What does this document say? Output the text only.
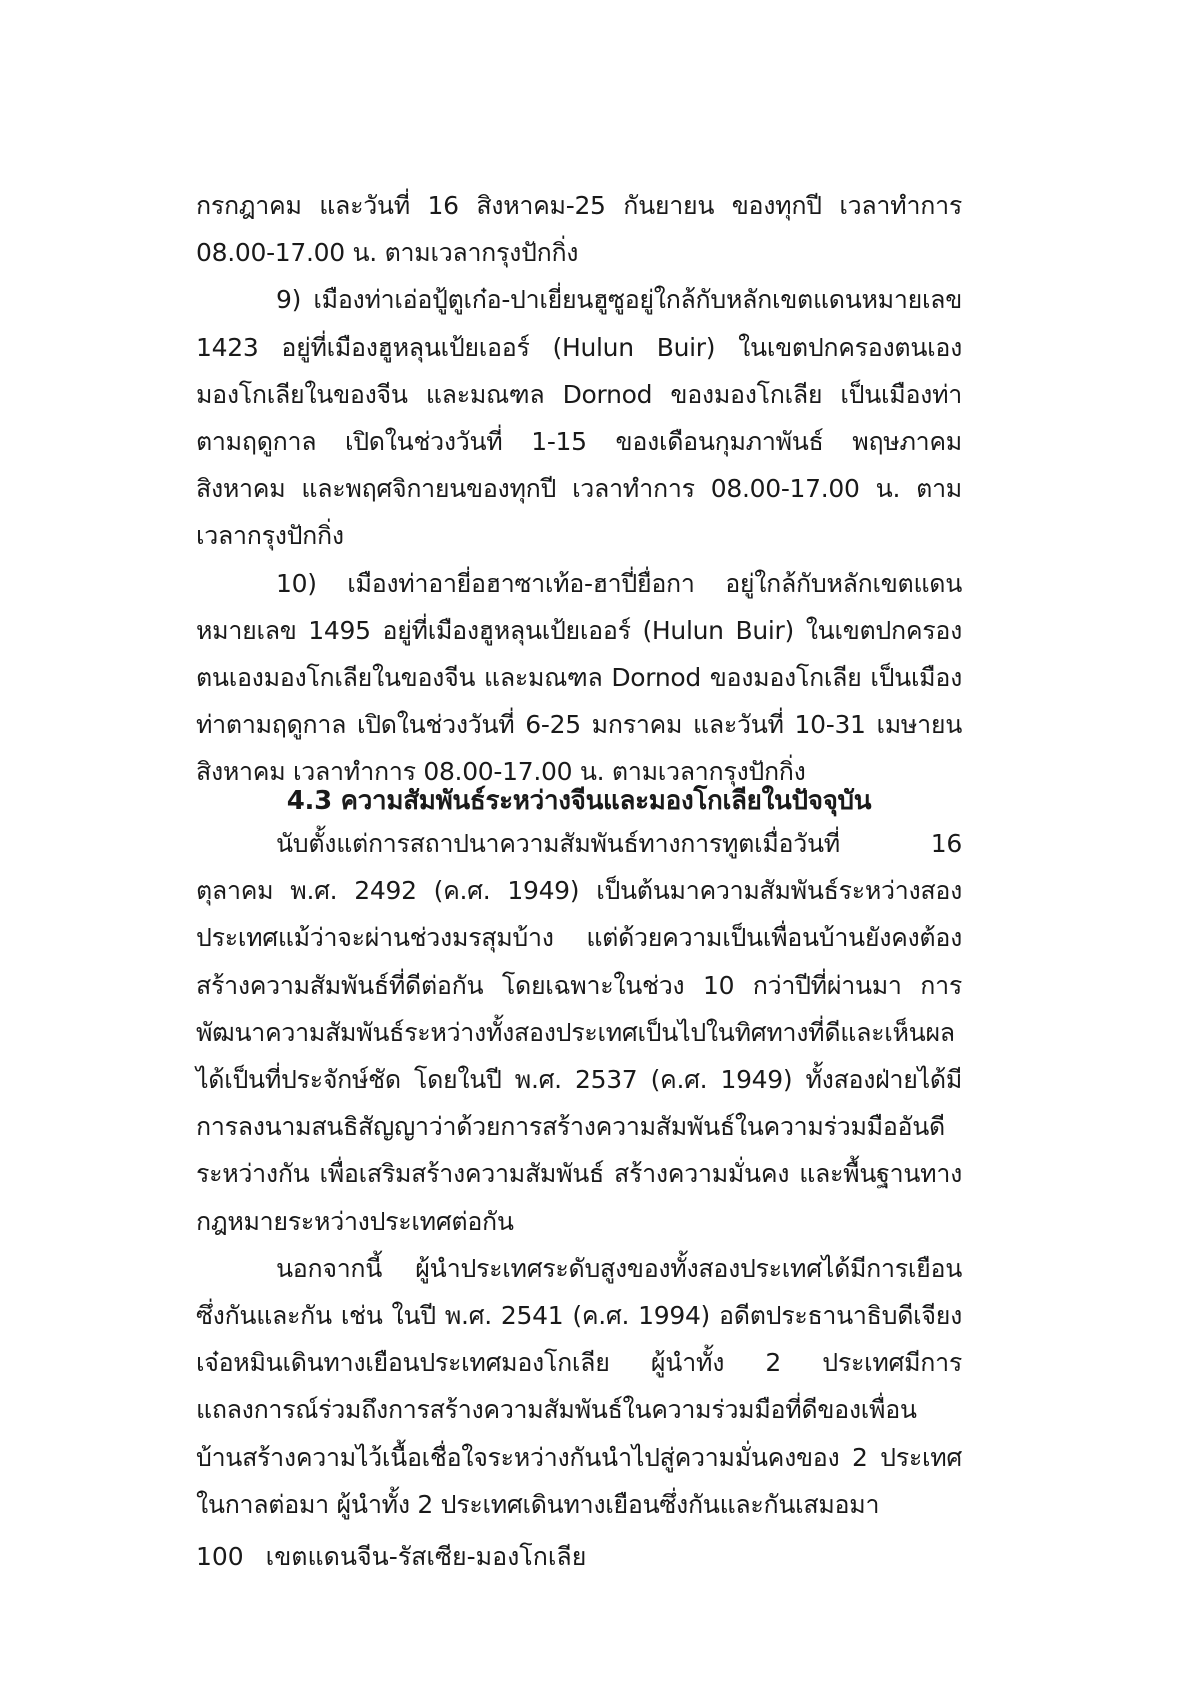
กรกฎาคม และวันที่ 16 สิงหาคม-25 กันยายน ของทุกปี เวลาทำการ 08.00-17.00 น. ตามเวลากรุงปักกิ่ง

9) เมืองท่าเอ่อปู้ตูเก๋อ-ปาเยี่ยนฮูซูอยู่ใกล้กับหลักเขตแดนหมายเลข 1423 อยู่ที่เมืองฮูหลุนเป้ยเออร์ (Hulun Buir) ในเขตปกครองตนเองมองโกเลียในของจีน และมณฑล Dornod ของมองโกเลีย เป็นเมืองท่าตามฤดูกาล เปิดในช่วงวันที่ 1-15 ของเดือนกุมภาพันธ์ พฤษภาคม สิงหาคม และพฤศจิกายนของทุกปี เวลาทำการ 08.00-17.00 น. ตามเวลากรุงปักกิ่ง

10) เมืองท่าอายี่อฮาซาเท้อ-ฮาปี่ยื่อกา อยู่ใกล้กับหลักเขตแดนหมายเลข 1495 อยู่ที่เมืองฮูหลุนเป้ยเออร์ (Hulun Buir) ในเขตปกครองตนเองมองโกเลียในของจีน และมณฑล Dornod ของมองโกเลีย เป็นเมืองท่าตามฤดูกาล เปิดในช่วงวันที่ 6-25 มกราคม และวันที่ 10-31 เมษายน สิงหาคม เวลาทำการ 08.00-17.00 น. ตามเวลากรุงปักกิ่ง

4.3 ความสัมพันธ์ระหว่างจีนและมองโกเลียในปัจจุบัน

นับตั้งแต่การสถาปนาความสัมพันธ์ทางการทูตเมื่อวันที่ 16 ตุลาคม พ.ศ. 2492 (ค.ศ. 1949) เป็นต้นมาความสัมพันธ์ระหว่างสองประเทศแม้ว่าจะผ่านช่วงมรสุมบ้าง แต่ด้วยความเป็นเพื่อนบ้านยังคงต้องสร้างความสัมพันธ์ที่ดีต่อกัน โดยเฉพาะในช่วง 10 กว่าปีที่ผ่านมา การพัฒนาความสัมพันธ์ระหว่างทั้งสองประเทศเป็นไปในทิศทางที่ดีและเห็นผลได้เป็นที่ประจักษ์ชัด โดยในปี พ.ศ. 2537 (ค.ศ. 1949) ทั้งสองฝ่ายได้มีการลงนามสนธิสัญญาว่าด้วยการสร้างความสัมพันธ์ในความร่วมมืออันดีระหว่างกัน เพื่อเสริมสร้างความสัมพันธ์ สร้างความมั่นคง และพื้นฐานทางกฎหมายระหว่างประเทศต่อกัน

นอกจากนี้ ผู้นำประเทศระดับสูงของทั้งสองประเทศได้มีการเยือนซึ่งกันและกัน เช่น ในปี พ.ศ. 2541 (ค.ศ. 1994) อดีตประธานาธิบดีเจียงเจ๋อหมินเดินทางเยือนประเทศมองโกเลีย ผู้นำทั้ง 2 ประเทศมีการแถลงการณ์ร่วมถึงการสร้างความสัมพันธ์ในความร่วมมือที่ดีของเพื่อนบ้านสร้างความไว้เนื้อเชื่อใจระหว่างกันนำไปสู่ความมั่นคงของ 2 ประเทศในกาลต่อมา ผู้นำทั้ง 2 ประเทศเดินทางเยือนซึ่งกันและกันเสมอมา

100 เขตแดนจีน-รัสเซีย-มองโกเลีย
